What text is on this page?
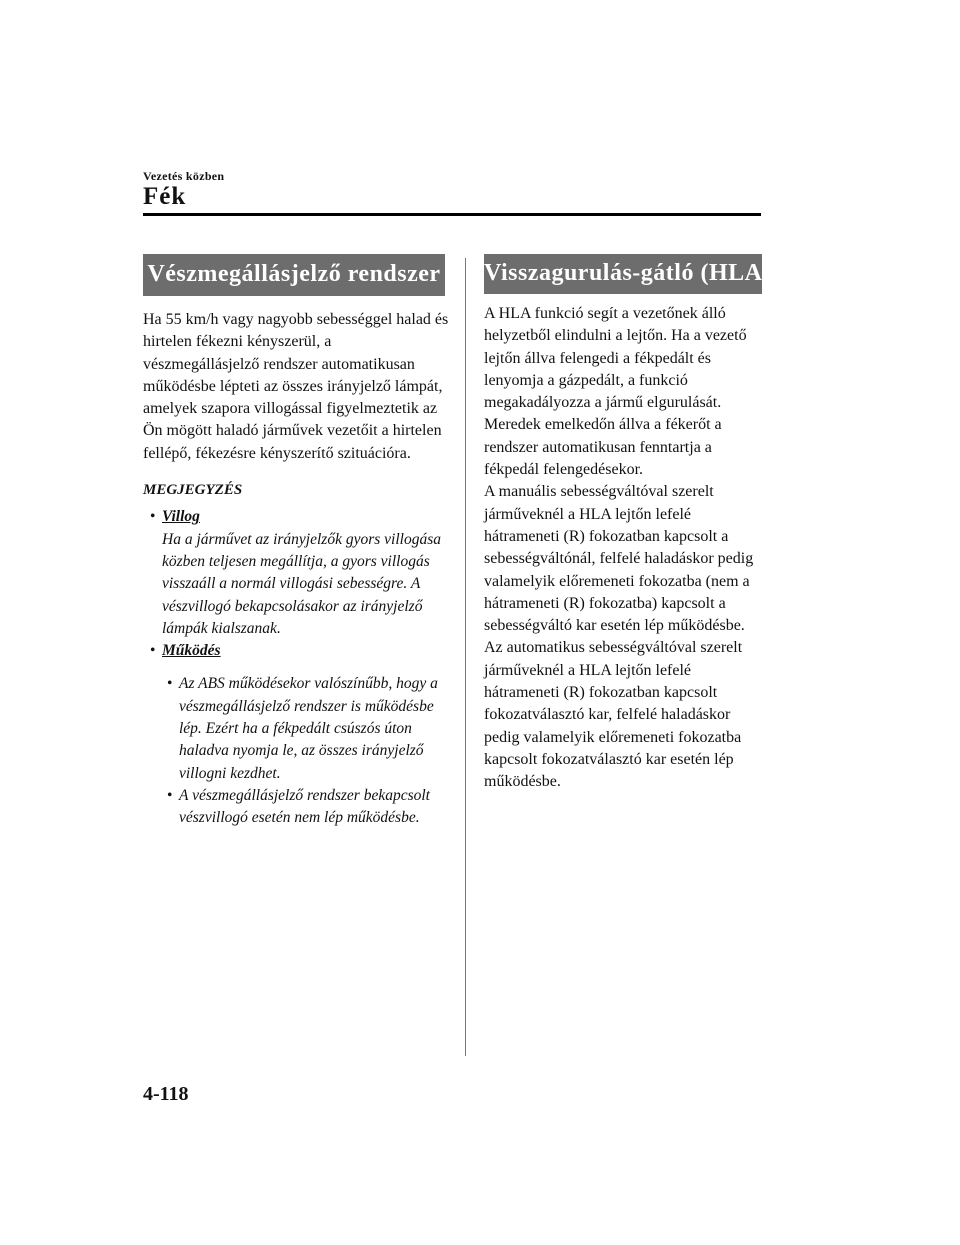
Vezetés közben
Fék
Vészmegállásjelző rendszer

Ha 55 km/h vagy nagyobb sebességgel halad és hirtelen fékezni kényszerül, a vészmegállásjelző rendszer automatikusan működésbe lépteti az összes irányjelző lámpát, amelyek szapora villogással figyelmeztetik az Ön mögött haladó járművek vezetőit a hirtelen fellépő, fékezésre kényszerítő szituációra.

MEGJEGYZÉS
• Villog
Ha a járművet az irányjelzők gyors villogása közben teljesen megállítja, a gyors villogás visszaáll a normál villogási sebességre. A vészvillogó bekapcsolásakor az irányjelző lámpák kialszanak.
• Működés
• Az ABS működésekor valószínűbb, hogy a vészmegállásjelző rendszer is működésbe lép. Ezért ha a fékpedált csúszós úton haladva nyomja le, az összes irányjelző villogni kezdhet.
• A vészmegállásjelző rendszer bekapcsolt vészvillogó esetén nem lép működésbe.
Visszagurulás-gátló (HLA)

A HLA funkció segít a vezetőnek álló helyzetből elindulni a lejtőn. Ha a vezető lejtőn állva felengedi a fékpedált és lenyomja a gázpedált, a funkció megakadályozza a jármű elgurulását. Meredek emelkedőn állva a fékerőt a rendszer automatikusan fenntartja a fékpedál felengedésekor.

A manuális sebességváltóval szerelt járműveknél a HLA lejtőn lefelé hátrameneti (R) fokozatban kapcsolt a sebességváltónál, felfelé haladáskor pedig valamelyik előremeneti fokozatba (nem a hátrameneti (R) fokozatba) kapcsolt a sebességváltó kar esetén lép működésbe.

Az automatikus sebességváltóval szerelt járműveknél a HLA lejtőn lefelé hátrameneti (R) fokozatban kapcsolt fokozatválasztó kar, felfelé haladáskor pedig valamelyik előremeneti fokozatba kapcsolt fokozatválasztó kar esetén lép működésbe.

4-118
